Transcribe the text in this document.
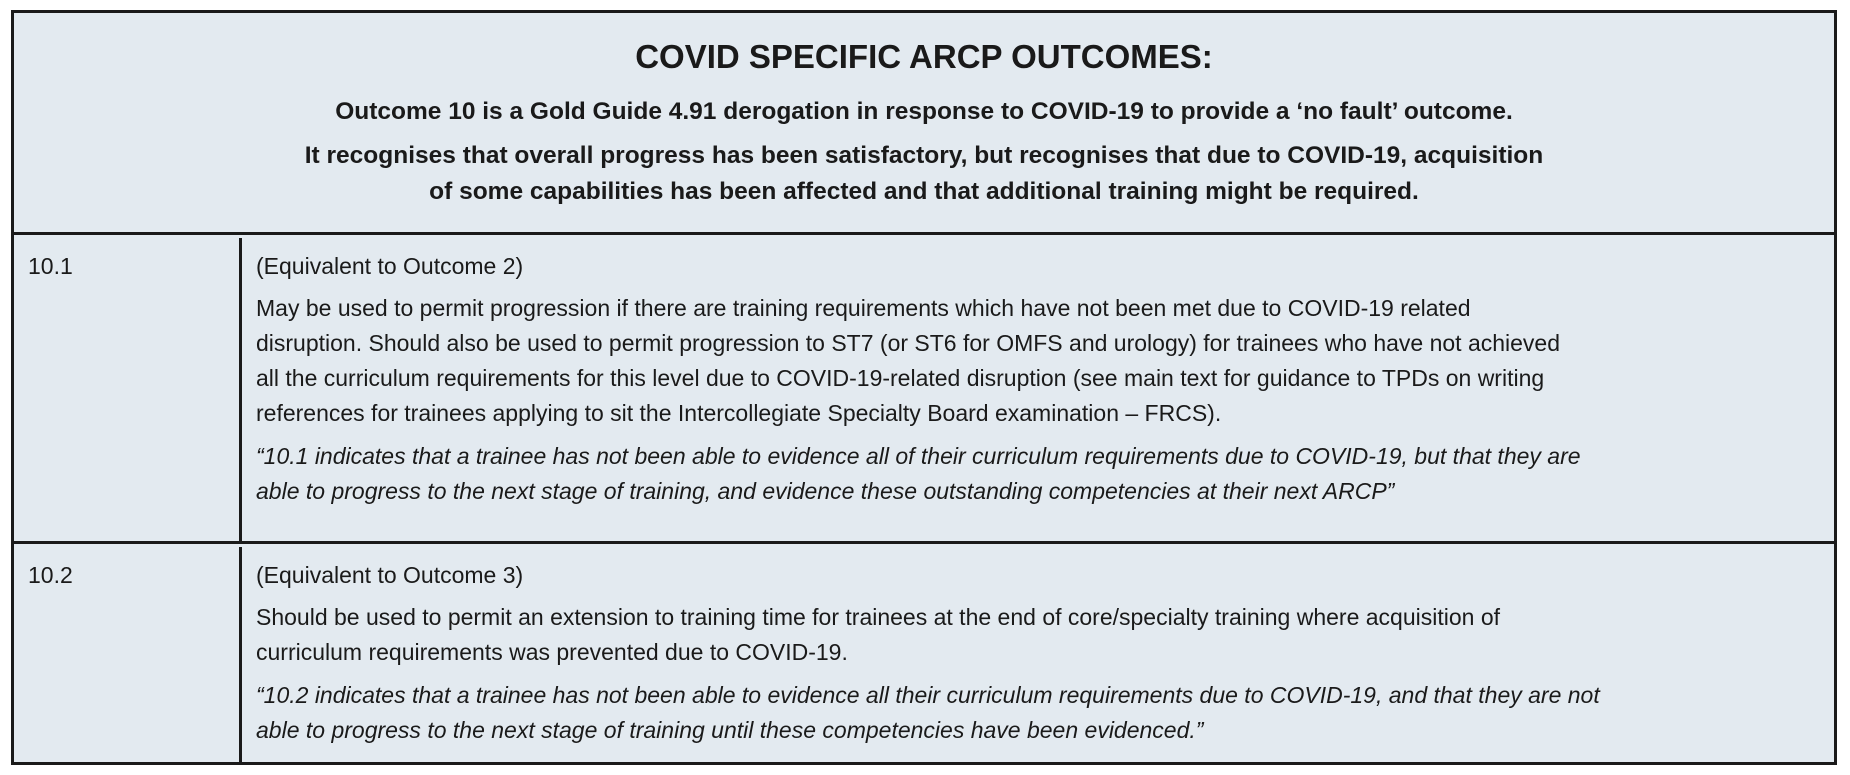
COVID SPECIFIC ARCP OUTCOMES:

Outcome 10 is a Gold Guide 4.91 derogation in response to COVID-19 to provide a ‘no fault’ outcome.

It recognises that overall progress has been satisfactory, but recognises that due to COVID-19, acquisition

of some capabilities has been affected and that additional training might be required.

10.1	(Equivalent to Outcome 2)
May be used to permit progression if there are training requirements which have not been met due to COVID-19 related
disruption. Should also be used to permit progression to ST7 (or ST6 for OMFS and urology) for trainees who have not achieved
all the curriculum requirements for this level due to COVID-19-related disruption (see main text for guidance to TPDs on writing
references for trainees applying to sit the Intercollegiate Specialty Board examination – FRCS).
“10.1 indicates that a trainee has not been able to evidence all of their curriculum requirements due to COVID-19, but that they are
able to progress to the next stage of training, and evidence these outstanding competencies at their next ARCP”
10.2	(Equivalent to Outcome 3)
Should be used to permit an extension to training time for trainees at the end of core/specialty training where acquisition of
curriculum requirements was prevented due to COVID-19.
“10.2 indicates that a trainee has not been able to evidence all their curriculum requirements due to COVID-19, and that they are not
able to progress to the next stage of training until these competencies have been evidenced.”
